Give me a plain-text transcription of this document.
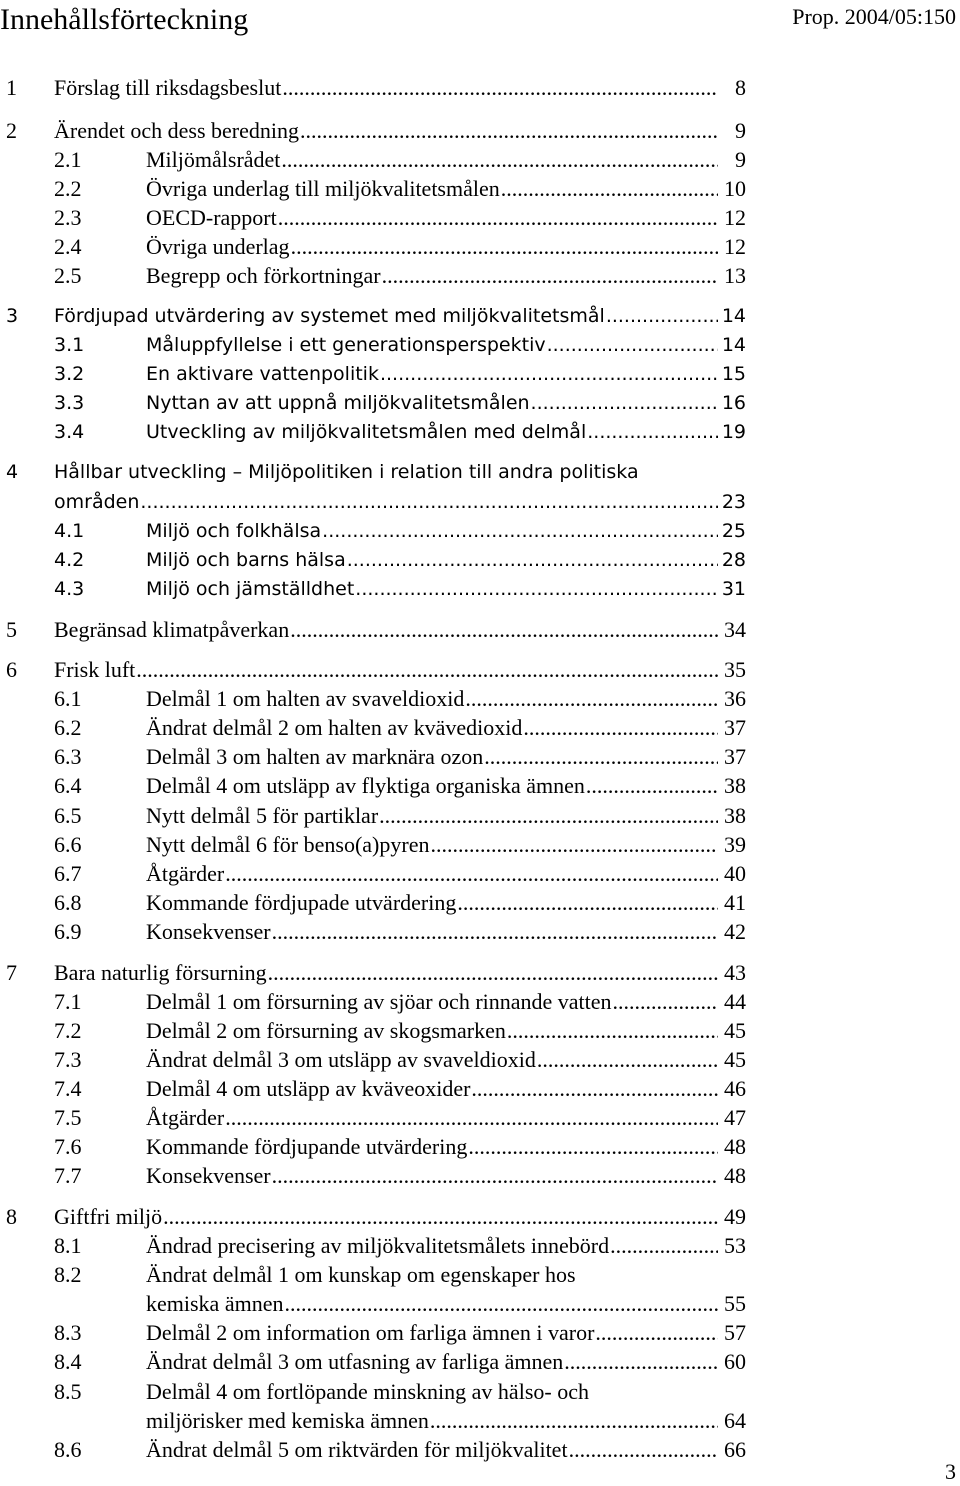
Innehållsförteckning	Prop. 2004/05:150
1 Förslag till riksdagsbeslut .....	8
2 Ärendet och dess beredning .....	9
2.1	Miljömålsrådet .....	9
2.2	Övriga underlag till miljökvalitetsmålen .....	10
2.3	OECD-rapport .....	12
2.4	Övriga underlag .....	12
2.5	Begrepp och förkortningar .....	13
3 Fördjupad utvärdering av systemet med miljökvalitetsmål .....	14
3.1	Måluppfyllelse i ett generationsperspektiv .....	14
3.2	En aktivare vattenpolitik .....	15
3.3	Nyttan av att uppnå miljökvalitetsmålen .....	16
3.4	Utveckling av miljökvalitetsmålen med delmål .....	19
4 Hållbar utveckling – Miljöpolitiken i relation till andra politiska
områden .....	23
4.1	Miljö och folkhälsa .....	25
4.2	Miljö och barns hälsa .....	28
4.3	Miljö och jämställdhet .....	31
5 Begränsad klimatpåverkan .....	34
6 Frisk luft .....	35
6.1	Delmål 1 om halten av svaveldioxid .....	36
6.2	Ändrat delmål 2 om halten av kvävedioxid .....	37
6.3	Delmål 3 om halten av marknära ozon .....	37
6.4	Delmål 4 om utsläpp av flyktiga organiska ämnen .....	38
6.5	Nytt delmål 5 för partiklar .....	38
6.6	Nytt delmål 6 för benso(a)pyren .....	39
6.7	Åtgärder .....	40
6.8	Kommande fördjupade utvärdering .....	41
6.9	Konsekvenser .....	42
7 Bara naturlig försurning .....	43
7.1	Delmål 1 om försurning av sjöar och rinnande vatten .....	44
7.2	Delmål 2 om försurning av skogsmarken .....	45
7.3	Ändrat delmål 3 om utsläpp av svaveldioxid .....	45
7.4	Delmål 4 om utsläpp av kväveoxider .....	46
7.5	Åtgärder .....	47
7.6	Kommande fördjupande utvärdering .....	48
7.7	Konsekvenser .....	48
8 Giftfri miljö .....	49
8.1	Ändrad precisering av miljökvalitetsmålets innebörd .....	53
8.2	Ändrat delmål 1 om kunskap om egenskaper hos
kemiska ämnen .....	55
8.3	Delmål 2 om information om farliga ämnen i varor .....	57
8.4	Ändrat delmål 3 om utfasning av farliga ämnen .....	60
8.5	Delmål 4 om fortlöpande minskning av hälso- och
miljörisker med kemiska ämnen .....	64
8.6	Ändrat delmål 5 om riktvärden för miljökvalitet .....	66
3
